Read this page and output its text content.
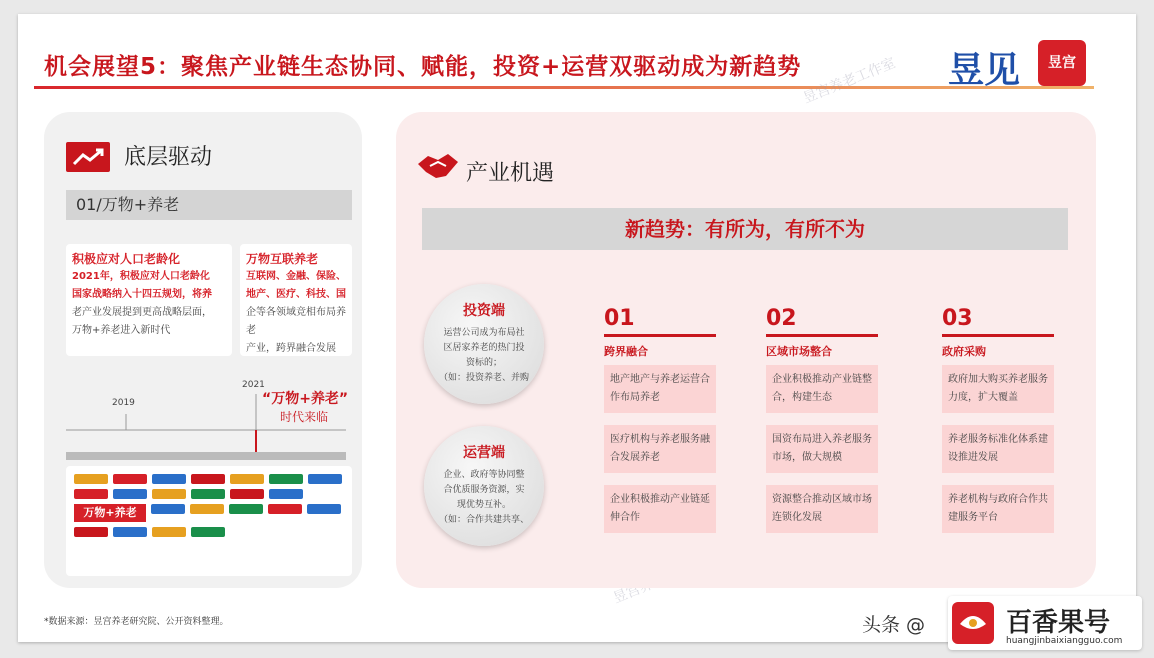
机会展望5：聚焦产业链生态协同、赋能，投资+运营双驱动成为新趋势	昱见	昱宫
昱宫养老工作室
底层驱动
01/万物+养老
积极应对人口老龄化
2021年，积极应对人口老龄化
国家战略纳入十四五规划，将养
老产业发展提到更高战略层面，
万物+养老进入新时代
万物互联养老
互联网、金融、保险、
地产、医疗、科技、国
企等各领域竞相布局养老
产业，跨界融合发展
2019
2021
“万物+养老”
时代来临
万物+养老
*数据来源：昱宫养老研究院、公开资料整理。
产业机遇
新趋势：有所为，有所不为
投资端
运营公司成为布局社
区居家养老的热门投
资标的；
（如：投资养老、并购
运营端
企业、政府等协同整
合优质服务资源，实
现优势互补。
（如：合作共建共享、
01
跨界融合
地产地产与养老运营合作布局养老
医疗机构与养老服务融合发展养老
企业积极推动产业链延伸合作
02
区域市场整合
企业积极推动产业链整合，构建生态
国资布局进入养老服务市场，做大规模
资源整合推动区域市场连锁化发展
03
政府采购
政府加大购买养老服务力度，扩大覆盖
养老服务标准化体系建设推进发展
养老机构与政府合作共建服务平台
头条 @	百香果号
huangjinbaixiangguo.com
